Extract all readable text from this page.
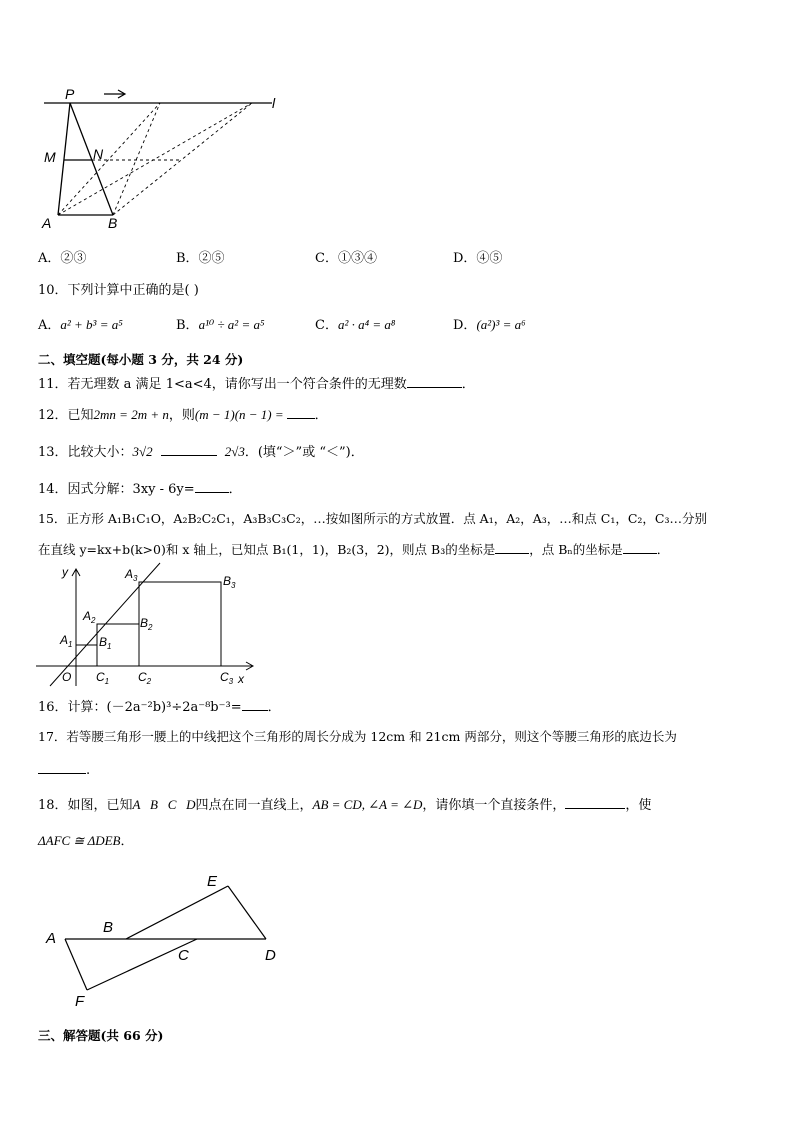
P
l
M	N
A	B
A．②③	B．②⑤	C．①③④	D．④⑤
10．下列计算中正确的是( )
A．a² + b³ = a⁵	B．a¹⁰ ÷ a² = a⁵	C．a² · a⁴ = a⁸	D．(a²)³ = a⁶
二、填空题(每小题 3 分，共 24 分)
11．若无理数 a 满足 1<a<4，请你写出一个符合条件的无理数	．
12．已知2mn = 2m + n，则(m − 1)(n − 1) = ．
13．比较大小：3√2	2√3．(填“＞”或 “＜”)．
14．因式分解：3xy - 6y=	．
15．正方形 A₁B₁C₁O，A₂B₂C₂C₁，A₃B₃C₃C₂，…按如图所示的方式放置．点 A₁，A₂，A₃，…和点 C₁，C₂，C₃…分别
在直线 y=kx+b(k>0)和 x 轴上，已知点 B₁(1，1)，B₂(3，2)，则点 B₃的坐标是	，点 Bₙ的坐标是	．
y
x
O
$A_1$
$A_2$
$A_3$
$B_1$
$B_2$
$B_3$
$C_1$ $C_2$	$C_3$
16．计算：(－2a⁻²b)³÷2a⁻⁸b⁻³= ．
17．若等腰三角形一腰上的中线把这个三角形的周长分成为 12cm 和 21cm 两部分，则这个等腰三角形的底边长为
.
18．如图，已知A   B   C   D四点在同一直线上，AB = CD, ∠A = ∠D，请你填一个直接条件，	，使
ΔAFC ≅ ΔDEB．
A
B
C	D
E
F
三、解答题(共 66 分)
